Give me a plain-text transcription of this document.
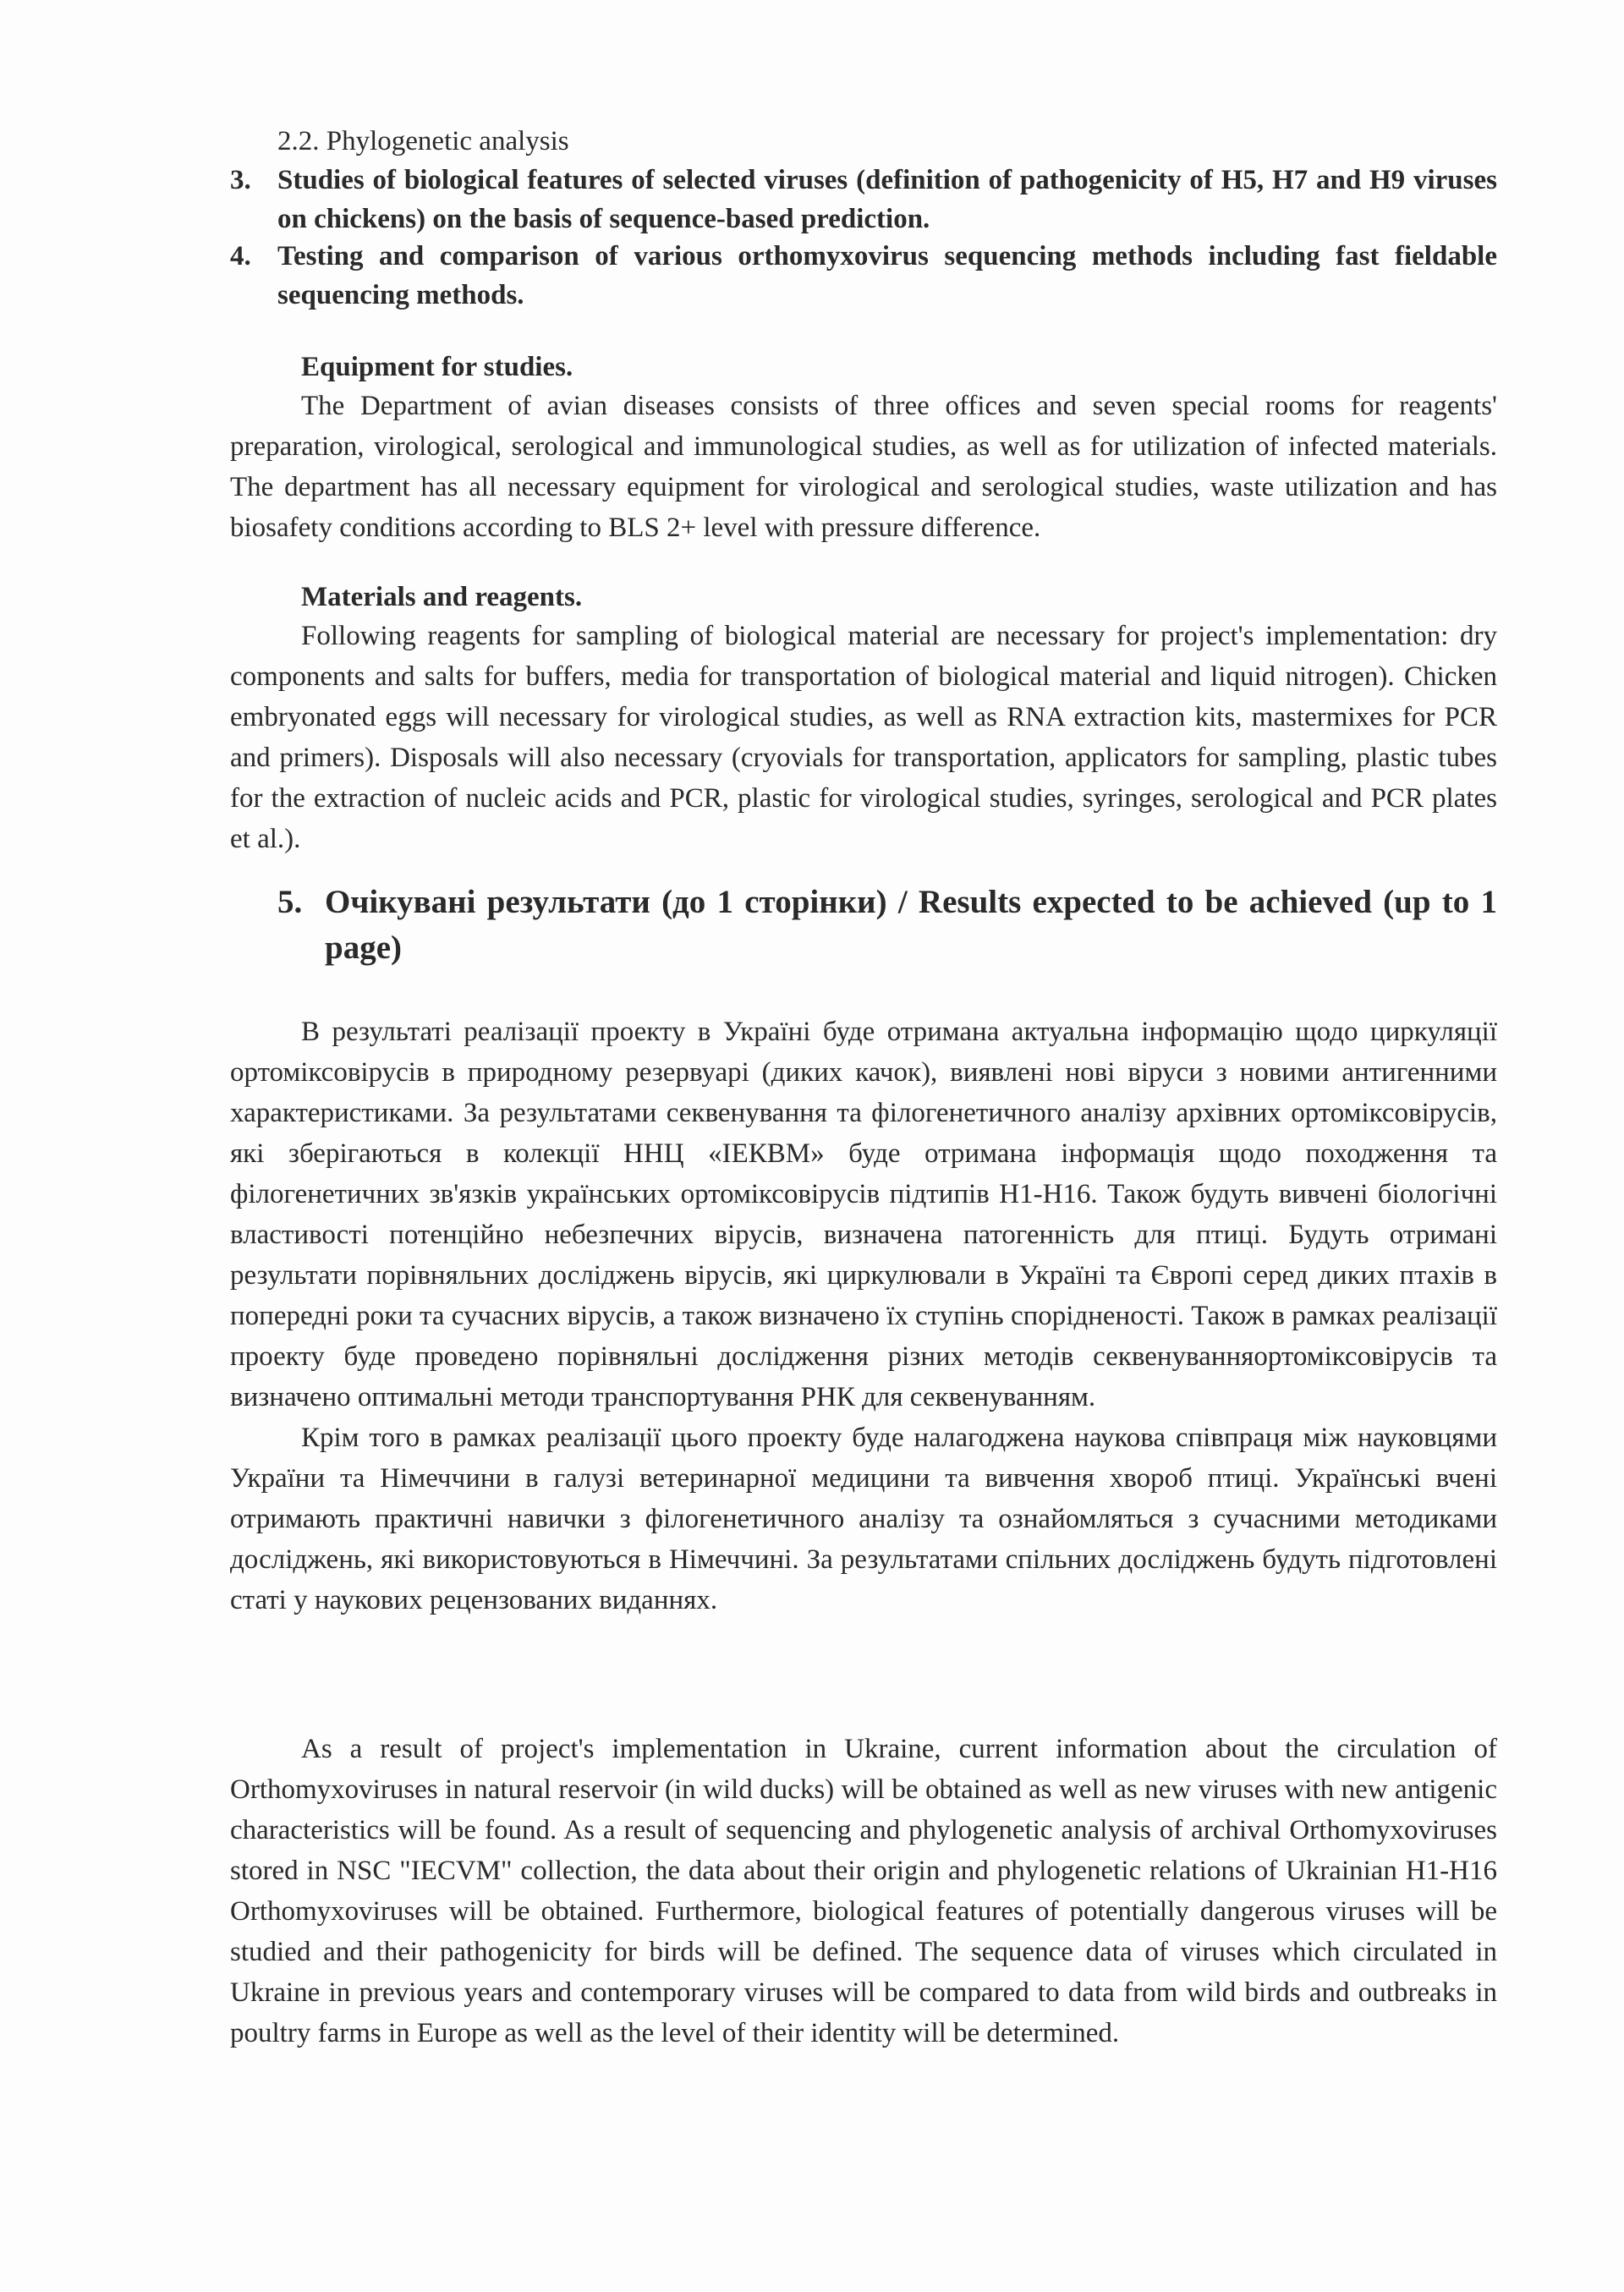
2.2. Phylogenetic analysis
3. Studies of biological features of selected viruses (definition of pathogenicity of H5, H7 and H9 viruses on chickens) on the basis of sequence-based prediction.
4. Testing and comparison of various orthomyxovirus sequencing methods including fast fieldable sequencing methods.
Equipment for studies.

The Department of avian diseases consists of three offices and seven special rooms for reagents' preparation, virological, serological and immunological studies, as well as for utilization of infected materials. The department has all necessary equipment for virological and serological studies, waste utilization and has biosafety conditions according to BLS 2+ level with pressure difference.

Materials and reagents.

Following reagents for sampling of biological material are necessary for project's implementation: dry components and salts for buffers, media for transportation of biological material and liquid nitrogen). Chicken embryonated eggs will necessary for virological studies, as well as RNA extraction kits, mastermixes for PCR and primers). Disposals will also necessary (cryovials for transportation, applicators for sampling, plastic tubes for the extraction of nucleic acids and PCR, plastic for virological studies, syringes, serological and PCR plates et al.).

5. Очікувані результати (до 1 сторінки) / Results expected to be achieved (up to 1 page)

В результаті реалізації проекту в Україні буде отримана актуальна інформацію щодо циркуляції ортоміксовірусів в природному резервуарі (диких качок), виявлені нові віруси з новими антигенними характеристиками. За результатами секвенування та філогенетичного аналізу архівних ортоміксовірусів, які зберігаються в колекції ННЦ «ІЕКВМ» буде отримана інформація щодо походження та філогенетичних зв'язків українських ортоміксовірусів підтипів Н1-Н16. Також будуть вивчені біологічні властивості потенційно небезпечних вірусів, визначена патогенність для птиці. Будуть отримані результати порівняльних досліджень вірусів, які циркулювали в Україні та Європі серед диких птахів в попередні роки та сучасних вірусів, а також визначено їх ступінь спорідненості. Також в рамках реалізації проекту буде проведено порівняльні дослідження різних методів секвенуванняортоміксовірусів та визначено оптимальні методи транспортування РНК для секвенуванням.

Крім того в рамках реалізації цього проекту буде налагоджена наукова співпраця між науковцями України та Німеччини в галузі ветеринарної медицини та вивчення хвороб птиці. Українські вчені отримають практичні навички з філогенетичного аналізу та ознайомляться з сучасними методиками досліджень, які використовуються в Німеччині. За результатами спільних досліджень будуть підготовлені статі у наукових рецензованих виданнях.

As a result of project's implementation in Ukraine, current information about the circulation of Orthomyxoviruses in natural reservoir (in wild ducks) will be obtained as well as new viruses with new antigenic characteristics will be found. As a result of sequencing and phylogenetic analysis of archival Orthomyxoviruses stored in NSC "IECVM" collection, the data about their origin and phylogenetic relations of Ukrainian H1-H16 Orthomyxoviruses will be obtained. Furthermore, biological features of potentially dangerous viruses will be studied and their pathogenicity for birds will be defined. The sequence data of viruses which circulated in Ukraine in previous years and contemporary viruses will be compared to data from wild birds and outbreaks in poultry farms in Europe as well as the level of their identity will be determined.
